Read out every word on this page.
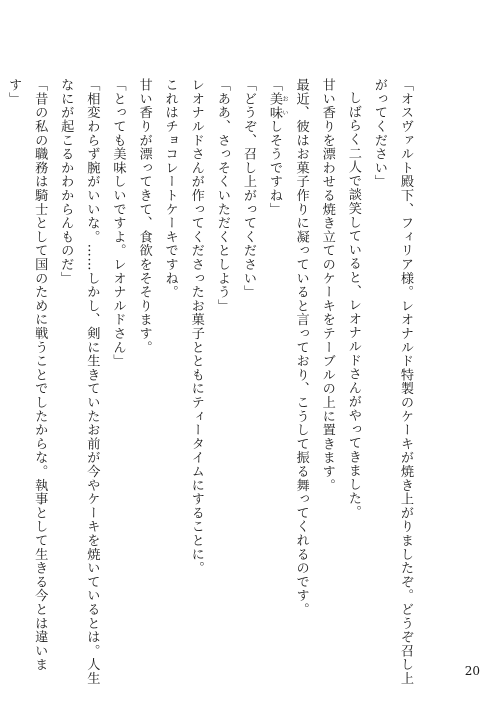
「オスヴァルト殿下、フィリア様。レオナルド特製のケーキが焼き上がりましたぞ。どうぞ召し上
がってください」
しばらく二人で談笑していると、レオナルドさんがやってきました。
甘い香りを漂わせる焼き立てのケーキをテーブルの上に置きます。
最近、彼はお菓子作りに凝っていると言っており、こうして振る舞ってくれるのです。
「美味 おいしそうですね」
「どうぞ、召し上がってください」
「ああ、さっそくいただくとしよう」
レオナルドさんが作ってくださったお菓子とともにティータイムにすることに。
これはチョコレートケーキですね。
甘い香りが漂ってきて、食欲をそそります。
「とっても美味しいですよ。レオナルドさん」
「相変わらず腕がいいな。……しかし、剣に生きていたお前が今やケーキを焼いているとは。人生
なにが起こるかわからんものだ」
「昔の私の職務は騎士として国のために戦うことでしたからな。執事として生きる今とは違いま
す」
20
